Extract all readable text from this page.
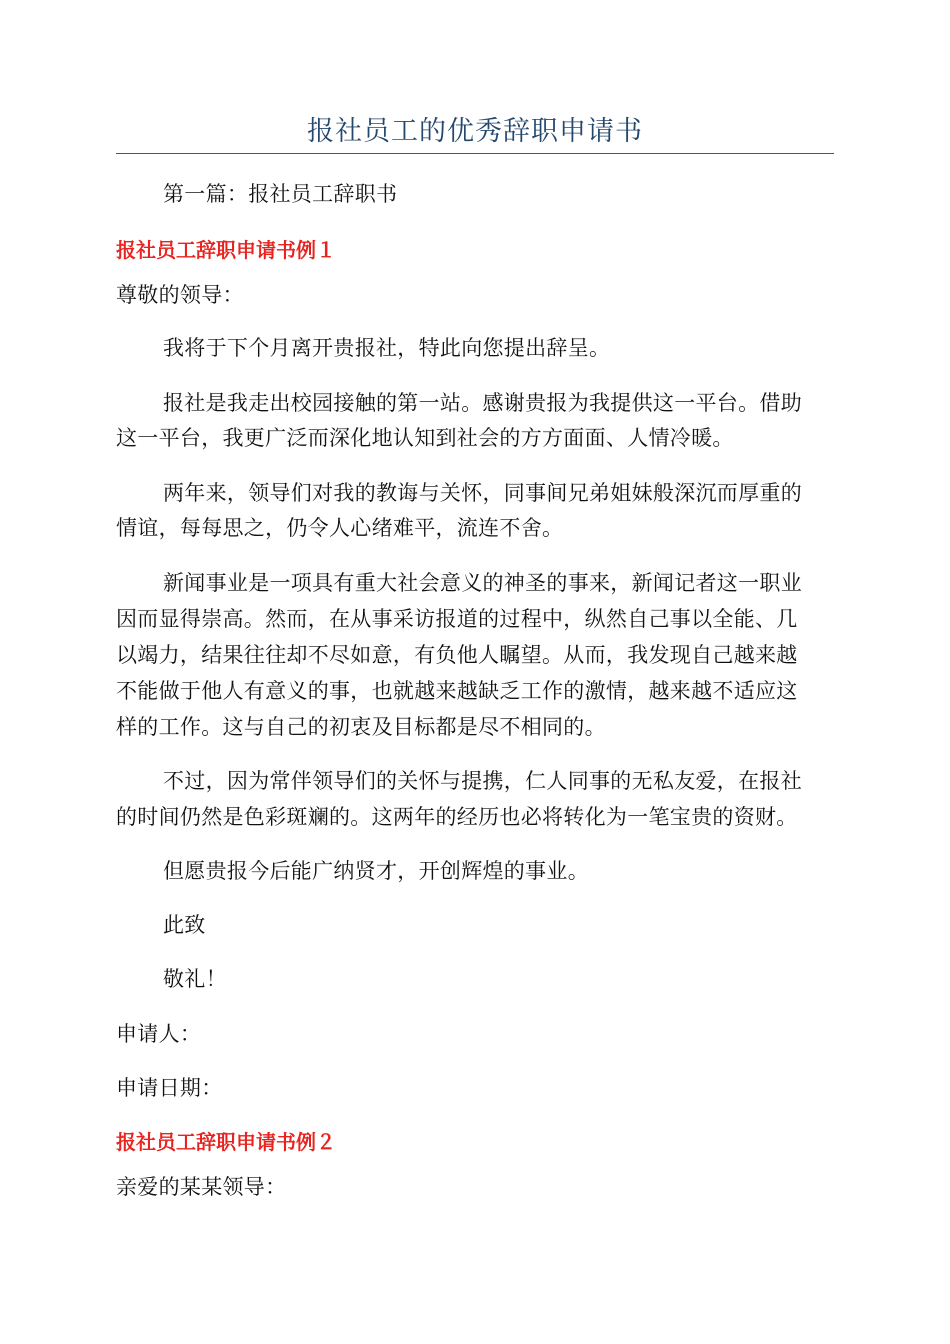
报社员工的优秀辞职申请书
第一篇：报社员工辞职书
报社员工辞职申请书例１
尊敬的领导：
我将于下个月离开贵报社，特此向您提出辞呈。
报社是我走出校园接触的第一站。感谢贵报为我提供这一平台。借助
这一平台，我更广泛而深化地认知到社会的方方面面、人情冷暖。
两年来，领导们对我的教诲与关怀，同事间兄弟姐妹般深沉而厚重的
情谊，每每思之，仍令人心绪难平，流连不舍。
新闻事业是一项具有重大社会意义的神圣的事来，新闻记者这一职业
因而显得崇高。然而，在从事采访报道的过程中，纵然自己事以全能、几
以竭力，结果往往却不尽如意，有负他人瞩望。从而，我发现自己越来越
不能做于他人有意义的事，也就越来越缺乏工作的激情，越来越不适应这
样的工作。这与自己的初衷及目标都是尽不相同的。
不过，因为常伴领导们的关怀与提携，仁人同事的无私友爱，在报社
的时间仍然是色彩斑斓的。这两年的经历也必将转化为一笔宝贵的资财。
但愿贵报今后能广纳贤才，开创辉煌的事业。
此致
敬礼！
申请人：
申请日期：
报社员工辞职申请书例２
亲爱的某某领导：
